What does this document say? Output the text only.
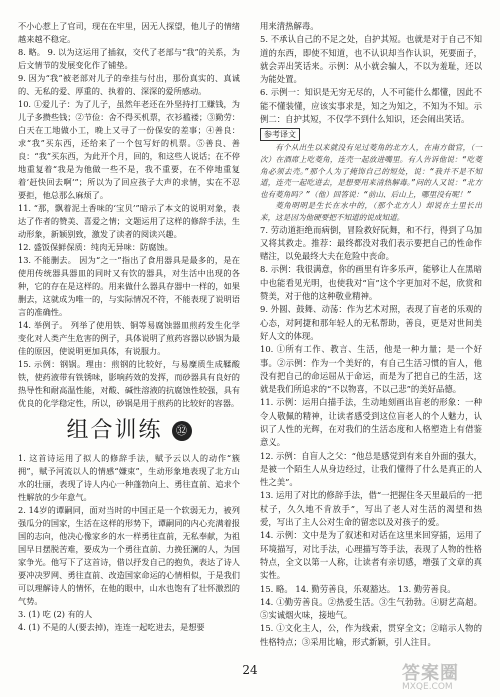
不小心惹上了官司，现在在牢里，因无人探望，他儿子的情绪越来越不稳定。

8. 略。 9. 以为这运用了插叙，交代了老部与“我”的关系，为后文情节的发展变化作了铺垫。

9. 因为“我”被老部对儿子的牵挂与付出，那份真实的、真诚的、无私的爱、厚重的、执着的、深深的爱所感动。

10. ①爱儿子：为了儿子，虽然年老还在外坚持打工赚钱，为儿子多攒些钱；②节俭：舍不得买机票，衣衫褴褛；③勤劳：白天在工地做小工，晚上又寻了一份保安的差事；④善良：求“我”买东西，还给来了一个包写好的机票。⑤善良、善良：“我”买东西，为此开个月，回的，和这些人说话；在不停地重复着“我是为他做一些不是，我不重要，在不停地重复着‘赶快回去啊’”；所以为了回应孩子大声的求情，实在不忍要拒，他总那么麻烦了。

11. “那，飘着泥土香味的‘宝贝’”暗示了本文的说明对象，表达了作者的赞美、喜爱之情；文题运用了这样的修辞手法，生动形象，新颖别致，激发了读者的阅读兴趣。

12. 盛饭保鲜保质：纯肉无异味：防腐蚀。

13. 不能删去。 因为“之一”指出了食用器具是最多的，是在使用传统器具器皿的同时又有饮的器具，对生活中出现的各种，它的存在是这样的。用来做什么器具存器中一样的，如果删去，这就成为唯一的，与实际情况不符，不能表现了说明语言的准确性。

14. 举例子。 列举了使用铁、铜等易腐蚀器皿煎药发生化学变化对人类产生危害的例子，具体说明了煎药容器以砂锅为最佳的原因，使说明更加具体，有说服力。

15. 示例：钢锅。理由：煎钢的比较好，与易糜质生成鞣酸铁，使药液带有铁锈味，影响药效的发挥，而砂器具有良好的热导性和耐高温性能，对酸、碱性溶液的抗腐蚀性较强，具有优良的化学稳定性，所以，砂锅是用于煎药的比较好的容器。

组合训练 ㉜

1. 这首诗运用了拟人的修辞手法，赋予云以人的动作“簇拥”，赋予河流以人的情感“嫌束”，生动形象地表现了北方山水的壮丽，表现了诗人内心一种蓬勃向上、勇往直前、追求个性解放的少年意气。

2. 14岁的谭嗣同，面对当时的中国正是一个软弱无力，被列强瓜分的国家，生活在这样的形势下，谭嗣同的内心充满着报国的志向，他决心像家乡的水一样勇往直前，无私奉献，为祖国早日摆脱苦难，要成为一个勇往直前、力挽狂澜的人，为国家争光。他写下了这首诗，借以抒发自己的抱负，表达了诗人要冲决罗网、勇往直前、改造国家命运的心情相似，于是我们可以理解诗人的情怀，在他的眼中，山水也饱有了壮怀激烈的气势。

3. (1) 吃 (2) 有的人

4. (1) 不是的人(要去掉)，连连一起吃进去，是想要

用来清热解毒。

5. 不承认自己的不足之处，自护其短。也就是对于自己不知道的东西，即使不知道，也不认识却当作认识，死要面子，就会弄出笑话来。示例：从小就会骗人，不以为羞耻，还以为能处置。

6. 示例一：知识是无穷无尽的，人不可能什么都懂，因此不能不懂装懂，应该实事求是，知之为知之，不知为不知。示例二：自护其短，不仅学不到什么知识，还会闹出笑话。

参考译文

有个从出生以来就没有见过菱角的北方人，在南方做官，（一次）在酒席上吃菱角，连壳一起放进嘴里。有人告诉他说：“吃菱角必须去壳。”那个人为了掩饰自己的短处，说：“我并不是不知道，连壳一起吃进去，是想要用来清热解毒。”问的人又说：“北方也有菱角吗？”（他）回答说：“前山、后山上，哪里没有呢！”

菱角明明是生长在水中的，（那个北方人）却说在土里长出来，这是因为他硬要把不知道的说成知道。

7. 劳动道拒绝而病倒，冒险救好阮舞，和不行，得到了乌加又将其救走。推荐：最终都没对我们表示要把自己的性命作赌注，以免最终大夫在危险中丧命。

8. 示例：我很满意，你的画里有许多乐声，能够让人在黑暗中也能看见光明，也使我对“盲”这个字更加对不起，欣赏和赞美，对于他的这种敬业精神。

9. 外圆、鼓舞、动荡：作为艺术对照，表现了盲老的乐观的心态，对阿捷和那年轻人的无私帮助，善良，更是对世间美好人文的体现。

10. ①所有工作、教言、生活，他是一种力量；是一个好事。②示例：作为一个美好的，有自己生活习惯的盲人，他没有把自己的命运屈从于命运，而是为了把自己的生活，这就是我们所追求的“不以物喜，不以己悲”的美好品德。

11. 示例：运用白描手法，生动地刻画出盲老的形象：一种令人敬佩的精神，让读者感受到这位盲老人的个人魅力，认识了人性的光辉，在对我们的生活态度和人格塑造上有借鉴意义。

12. 示例：自盲人之父：“他总是感觉到有来自外面的强大，是被一个陌生人从身边经过，让我们懂得了什么是真正的人性之美”。

13. 运用了对比的修辞手法，借“一把握住冬天里最后的一把杖子，久久地不肯放手”，写出了老人对生活的渴望和热爱，写出了主人公对生命的留恋以及对孩子的爱。

14. 示例：文中是为了叙述和对话在这里来回穿插，运用了环境描写，对比手法，心理描写等手法，表现了人物的性格特点，全文以第一人称，让读者有亲切感，增强了文章的真实性。

15. 略。 14. 勤劳善良，乐观豁达。 13. 勤劳善良。

14. ①勤劳善良。②热爱生活。③生气勃勃。④厨艺高超。⑤实诚烟火味，接地气。

15. ①文化主人，公，作为线索，贯穿全文；②暗示人物的性格特点；③采用比喻，形式新颖，引人注目。

24	答案圈
MXQE.COM
